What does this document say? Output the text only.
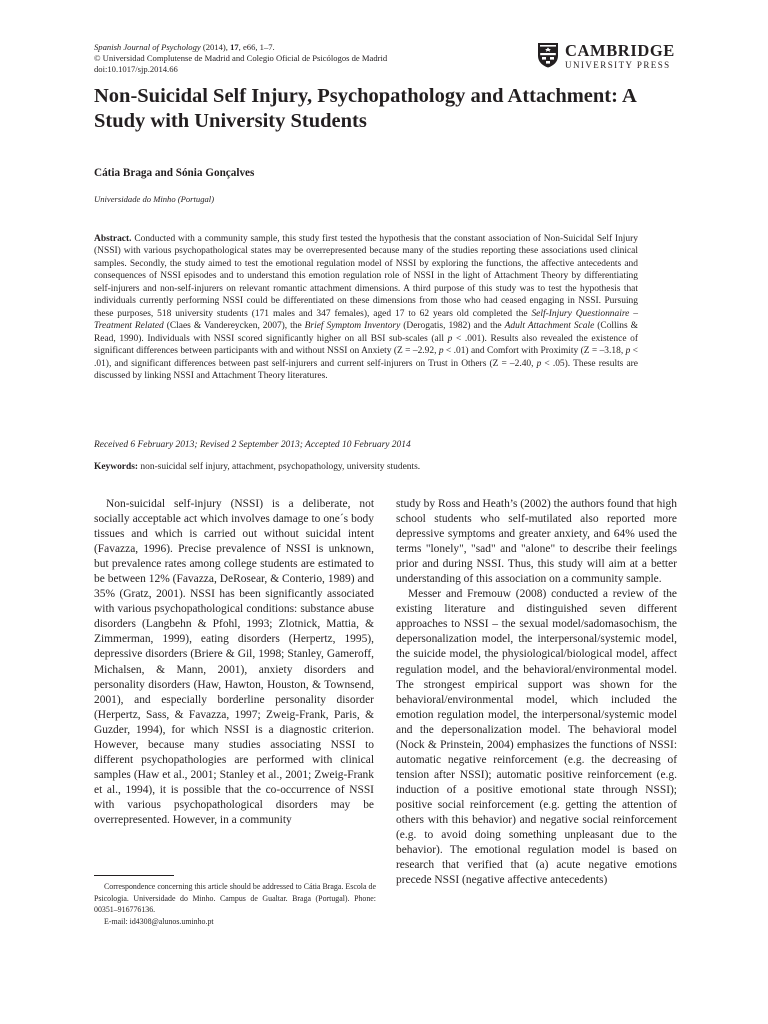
Spanish Journal of Psychology (2014), 17, e66, 1–7.
© Universidad Complutense de Madrid and Colegio Oficial de Psicólogos de Madrid
doi:10.1017/sjp.2014.66
CAMBRIDGE
UNIVERSITY PRESS
Non-Suicidal Self Injury, Psychopathology and Attachment: A Study with University Students
Cátia Braga and Sónia Gonçalves
Universidade do Minho (Portugal)

Abstract. Conducted with a community sample, this study first tested the hypothesis that the constant association of Non-Suicidal Self Injury (NSSI) with various psychopathological states may be overrepresented because many of the studies reporting these associations used clinical samples. Secondly, the study aimed to test the emotional regulation model of NSSI by exploring the functions, the affective antecedents and consequences of NSSI episodes and to understand this emotion regulation role of NSSI in the light of Attachment Theory by differentiating self-injurers and non-self-injurers on relevant romantic attachment dimensions. A third purpose of this study was to test the hypothesis that individuals currently performing NSSI could be differentiated on these dimensions from those who had ceased engaging in NSSI. Pursuing these purposes, 518 university students (171 males and 347 females), aged 17 to 62 years old completed the Self-Injury Questionnaire – Treatment Related (Claes & Vandereycken, 2007), the Brief Symptom Inventory (Derogatis, 1982) and the Adult Attachment Scale (Collins & Read, 1990). Individuals with NSSI scored significantly higher on all BSI sub-scales (all p < .001). Results also revealed the existence of significant differences between participants with and without NSSI on Anxiety (Z = –2.92, p < .01) and Comfort with Proximity (Z = –3.18, p < .01), and significant differences between past self-injurers and current self-injurers on Trust in Others (Z = –2.40, p < .05). These results are discussed by linking NSSI and Attachment Theory literatures.

Received 6 February 2013; Revised 2 September 2013; Accepted 10 February 2014
Keywords: non-suicidal self injury, attachment, psychopathology, university students.

Non-suicidal self-injury (NSSI) is a deliberate, not socially acceptable act which involves damage to one´s body tissues and which is carried out without suicidal intent (Favazza, 1996). Precise prevalence of NSSI is unknown, but prevalence rates among college students are estimated to be between 12% (Favazza, DeRosear, & Conterio, 1989) and 35% (Gratz, 2001). NSSI has been significantly associated with various psychopathological conditions: substance abuse disorders (Langbehn & Pfohl, 1993; Zlotnick, Mattia, & Zimmerman, 1999), eating disorders (Herpertz, 1995), depressive disorders (Briere & Gil, 1998; Stanley, Gameroff, Michalsen, & Mann, 2001), anxiety disorders and personality disorders (Haw, Hawton, Houston, & Townsend, 2001), and especially borderline personality disorder (Herpertz, Sass, & Favazza, 1997; Zweig-Frank, Paris, & Guzder, 1994), for which NSSI is a diagnostic criterion. However, because many studies associating NSSI to different psychopathologies are performed with clinical samples (Haw et al., 2001; Stanley et al., 2001; Zweig-Frank et al., 1994), it is possible that the co-occurrence of NSSI with various psychopathological disorders may be overrepresented. However, in a community

study by Ross and Heath’s (2002) the authors found that high school students who self-mutilated also reported more depressive symptoms and greater anxiety, and 64% used the terms "lonely", "sad" and "alone" to describe their feelings prior and during NSSI. Thus, this study will aim at a better understanding of this association on a community sample.

Messer and Fremouw (2008) conducted a review of the existing literature and distinguished seven different approaches to NSSI – the sexual model/sadomasochism, the depersonalization model, the interpersonal/systemic model, the suicide model, the physiological/biological model, affect regulation model, and the behavioral/environmental model. The strongest empirical support was shown for the behavioral/environmental model, which included the emotion regulation model, the interpersonal/systemic model and the depersonalization model. The behavioral model (Nock & Prinstein, 2004) emphasizes the functions of NSSI: automatic negative reinforcement (e.g. the decreasing of tension after NSSI); automatic positive reinforcement (e.g. induction of a positive emotional state through NSSI); positive social reinforcement (e.g. getting the attention of others with this behavior) and negative social reinforcement (e.g. to avoid doing something unpleasant due to the behavior). The emotional regulation model is based on research that verified that (a) acute negative emotions precede NSSI (negative affective antecedents)

Correspondence concerning this article should be addressed to Cátia Braga. Escola de Psicologia. Universidade do Minho. Campus de Gualtar. Braga (Portugal). Phone: 00351–916776136.

E-mail: id4308@alunos.uminho.pt
